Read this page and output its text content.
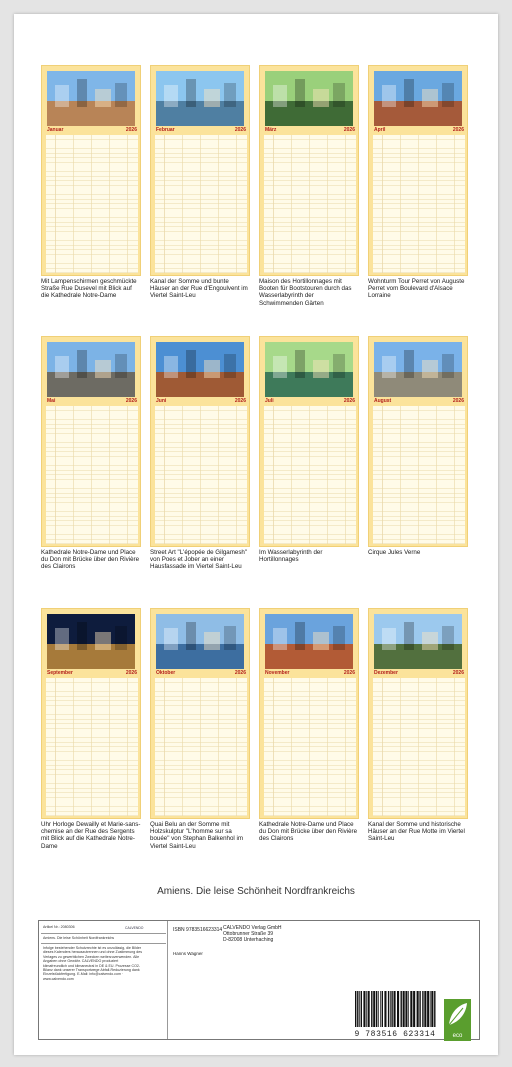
Januar	2026
Mit Lampenschirmen geschmückte Straße Rue Dusevel mit Blick auf die Kathedrale Notre-Dame
Februar	2026
Kanal der Somme und bunte Häuser an der Rue d'Engoulvent im Viertel Saint-Leu
März	2026
Maison des Hortillonnages mit Booten für Bootstouren durch das Wasserlabyrinth der Schwimmenden Gärten
April	2026
Wohnturm Tour Perret von Auguste Perret vom Boulevard d'Alsace Lorraine
Mai	2026
Kathedrale Notre-Dame und Place du Don mit Brücke über den Rivière des Clairons
Juni	2026
Street Art "L'épopée de Gilgamesh" von Poes et Jober an einer Hausfassade im Viertel Saint-Leu
Juli	2026
Im Wasserlabyrinth der Hortillonnages
August	2026
Cirque Jules Verne
September	2026
Uhr Horloge Dewailly et Marie-sans-chemise an der Rue des Sergents mit Blick auf die Kathedrale Notre-Dame
Oktober	2026
Quai Belu an der Somme mit Holzskulptur "L'homme sur sa bouée" von Stephan Balkenhol im Viertel Saint-Leu
November	2026
Kathedrale Notre-Dame und Place du Don mit Brücke über den Rivière des Clairons
Dezember	2026
Kanal der Somme und historische Häuser an der Rue Motte im Viertel Saint-Leu
Amiens. Die leise Schönheit Nordfrankreichs
Artikel Nr.: 2080306	CALVENDO
Amiens. Die leise Schönheit Nordfrankreichs
Infolge bestehender Schutzrechte ist es unzulässig, die Bilder dieses Kalenders herauszutrennen und ohne Zustimmung des Verlages zu gewerblichen Zwecken weiterzuverwenden. Alle Angaben ohne Gewähr. CALVENDO produziert klimafreundlich und klimaneutral in DE & EU. Prozesse CO2-Bilanz dank unserer Transportwege Abfall-Reduzierung dank Einzelstückfertigung. E-Mail: info@calvendo.com · www.calvendo.com
ISBN 9783516623314
Hanns Wagner
CALVENDO Verlag GmbH
Ottobrunner Straße 39
D-82008 Unterhaching
9 783516 623314	eco
